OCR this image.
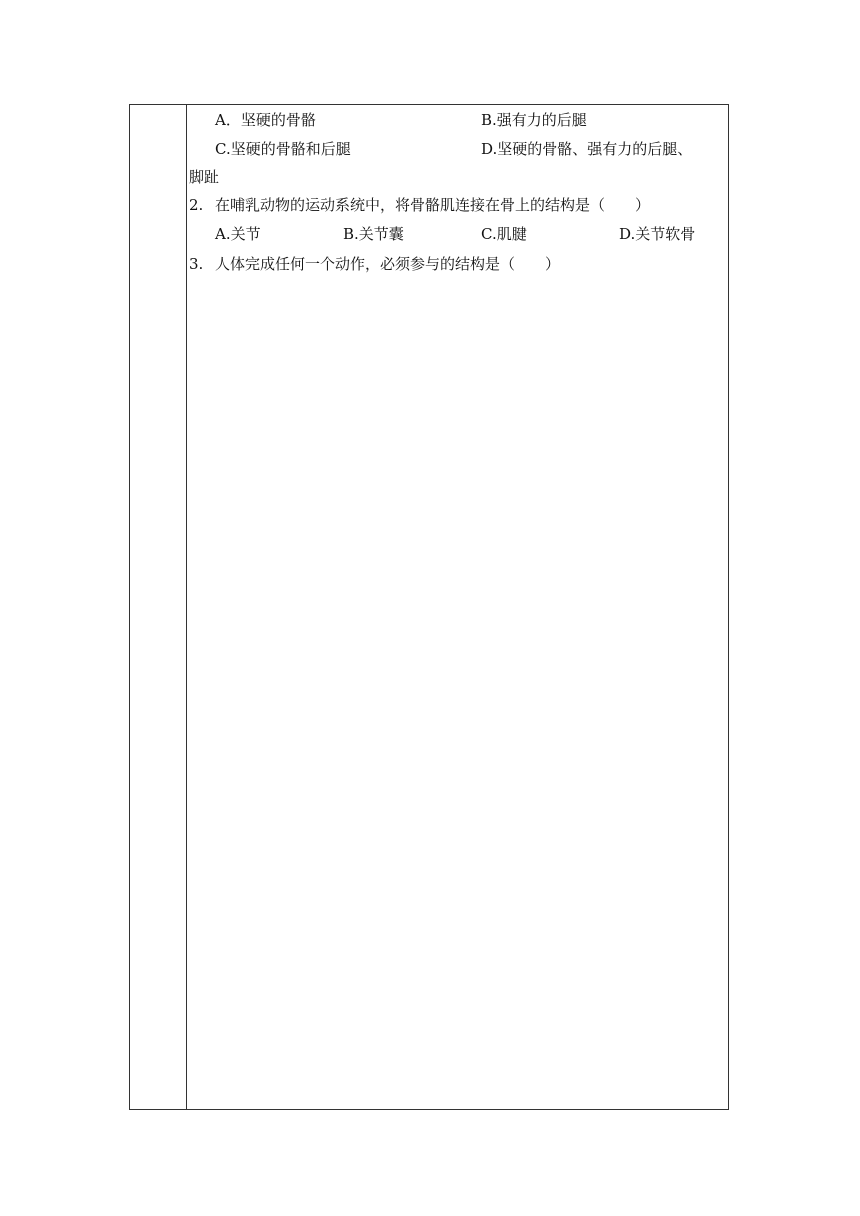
A．坚硬的骨骼	B.强有力的后腿
C.坚硬的骨骼和后腿	D.坚硬的骨骼、强有力的后腿、
脚趾
2. 在哺乳动物的运动系统中，将骨骼肌连接在骨上的结构是（　　）
A.关节	B.关节囊	C.肌腱	D.关节软骨
3. 人体完成任何一个动作，必须参与的结构是（　　）
